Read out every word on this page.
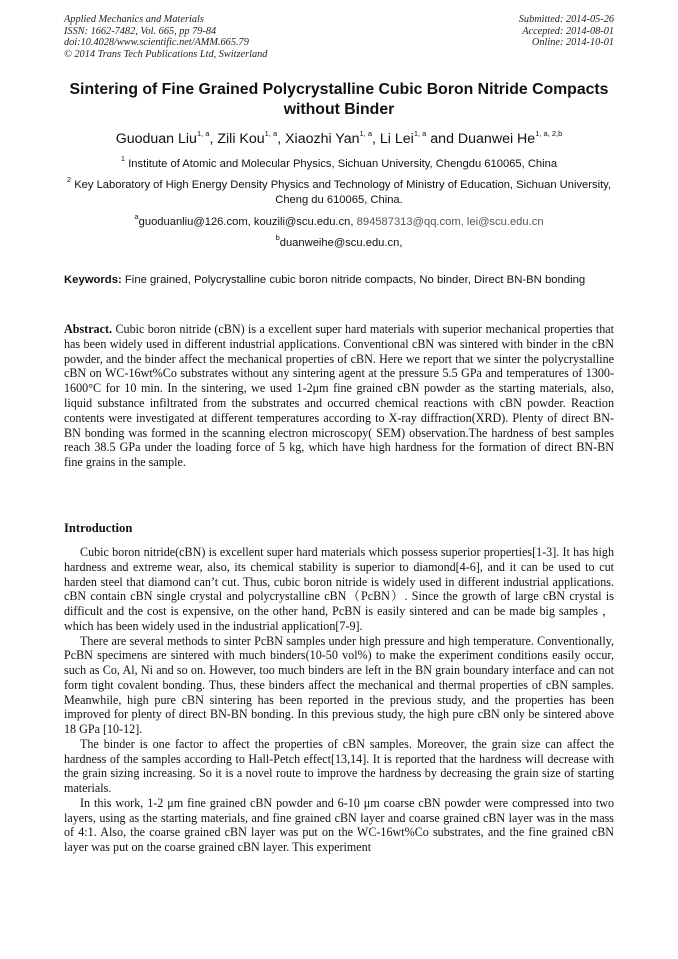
Applied Mechanics and Materials
ISSN: 1662-7482, Vol. 665, pp 79-84
doi:10.4028/www.scientific.net/AMM.665.79
© 2014 Trans Tech Publications Ltd, Switzerland
Submitted: 2014-05-26
Accepted: 2014-08-01
Online: 2014-10-01
Sintering of Fine Grained Polycrystalline Cubic Boron Nitride Compacts without Binder
Guoduan Liu$^{1, a}$, Zili Kou$^{1, a}$, Xiaozhi Yan$^{1, a}$, Li Lei$^{1, a}$ and Duanwei He$^{1, a, 2,b}$
$^1$ Institute of Atomic and Molecular Physics, Sichuan University, Chengdu 610065, China
$^2$ Key Laboratory of High Energy Density Physics and Technology of Ministry of Education, Sichuan University, Cheng du 610065, China.
$^a$guoduanliu@126.com, kouzili@scu.edu.cn, 894587313@qq.com, lei@scu.edu.cn
$^b$duanweihe@scu.edu.cn,
Keywords: Fine grained, Polycrystalline cubic boron nitride compacts, No binder, Direct BN-BN bonding
Abstract. Cubic boron nitride (cBN) is a excellent super hard materials with superior mechanical properties that has been widely used in different industrial applications. Conventional cBN was sintered with binder in the cBN powder, and the binder affect the mechanical properties of cBN. Here we report that we sinter the polycrystalline cBN on WC-16wt%Co substrates without any sintering agent at the pressure 5.5 GPa and temperatures of 1300-1600°C for 10 min. In the sintering, we used 1-2μm fine grained cBN powder as the starting materials, also, liquid substance infiltrated from the substrates and occurred chemical reactions with cBN powder. Reaction contents were investigated at different temperatures according to X-ray diffraction(XRD). Plenty of direct BN-BN bonding was formed in the scanning electron microscopy( SEM) observation.The hardness of best samples reach 38.5 GPa under the loading force of 5 kg, which have high hardness for the formation of direct BN-BN fine grains in the sample.
Introduction

Cubic boron nitride(cBN) is excellent super hard materials which possess superior properties[1-3]. It has high hardness and extreme wear, also, its chemical stability is superior to diamond[4-6], and it can be used to cut harden steel that diamond can’t cut. Thus, cubic boron nitride is widely used in different industrial applications. cBN contain cBN single crystal and polycrystalline cBN（PcBN）. Since the growth of large cBN crystal is difficult and the cost is expensive, on the other hand, PcBN is easily sintered and can be made big samples ，which has been widely used in the industrial application[7-9].

There are several methods to sinter PcBN samples under high pressure and high temperature. Conventionally, PcBN specimens are sintered with much binders(10-50 vol%) to make the experiment conditions easily occur, such as Co, Al, Ni and so on. However, too much binders are left in the BN grain boundary interface and can not form tight covalent bonding. Thus, these binders affect the mechanical and thermal properties of cBN samples. Meanwhile, high pure cBN sintering has been reported in the previous study, and the properties has been improved for plenty of direct BN-BN bonding. In this previous study, the high pure cBN only be sintered above 18 GPa [10-12].

The binder is one factor to affect the properties of cBN samples. Moreover, the grain size can affect the hardness of the samples according to Hall-Petch effect[13,14]. It is reported that the hardness will decrease with the grain sizing increasing. So it is a novel route to improve the hardness by decreasing the grain size of starting materials.

In this work, 1-2 μm fine grained cBN powder and 6-10 μm coarse cBN powder were compressed into two layers, using as the starting materials, and fine grained cBN layer and coarse grained cBN layer was in the mass of 4:1. Also, the coarse grained cBN layer was put on the WC-16wt%Co substrates, and the fine grained cBN layer was put on the coarse grained cBN layer. This experiment
